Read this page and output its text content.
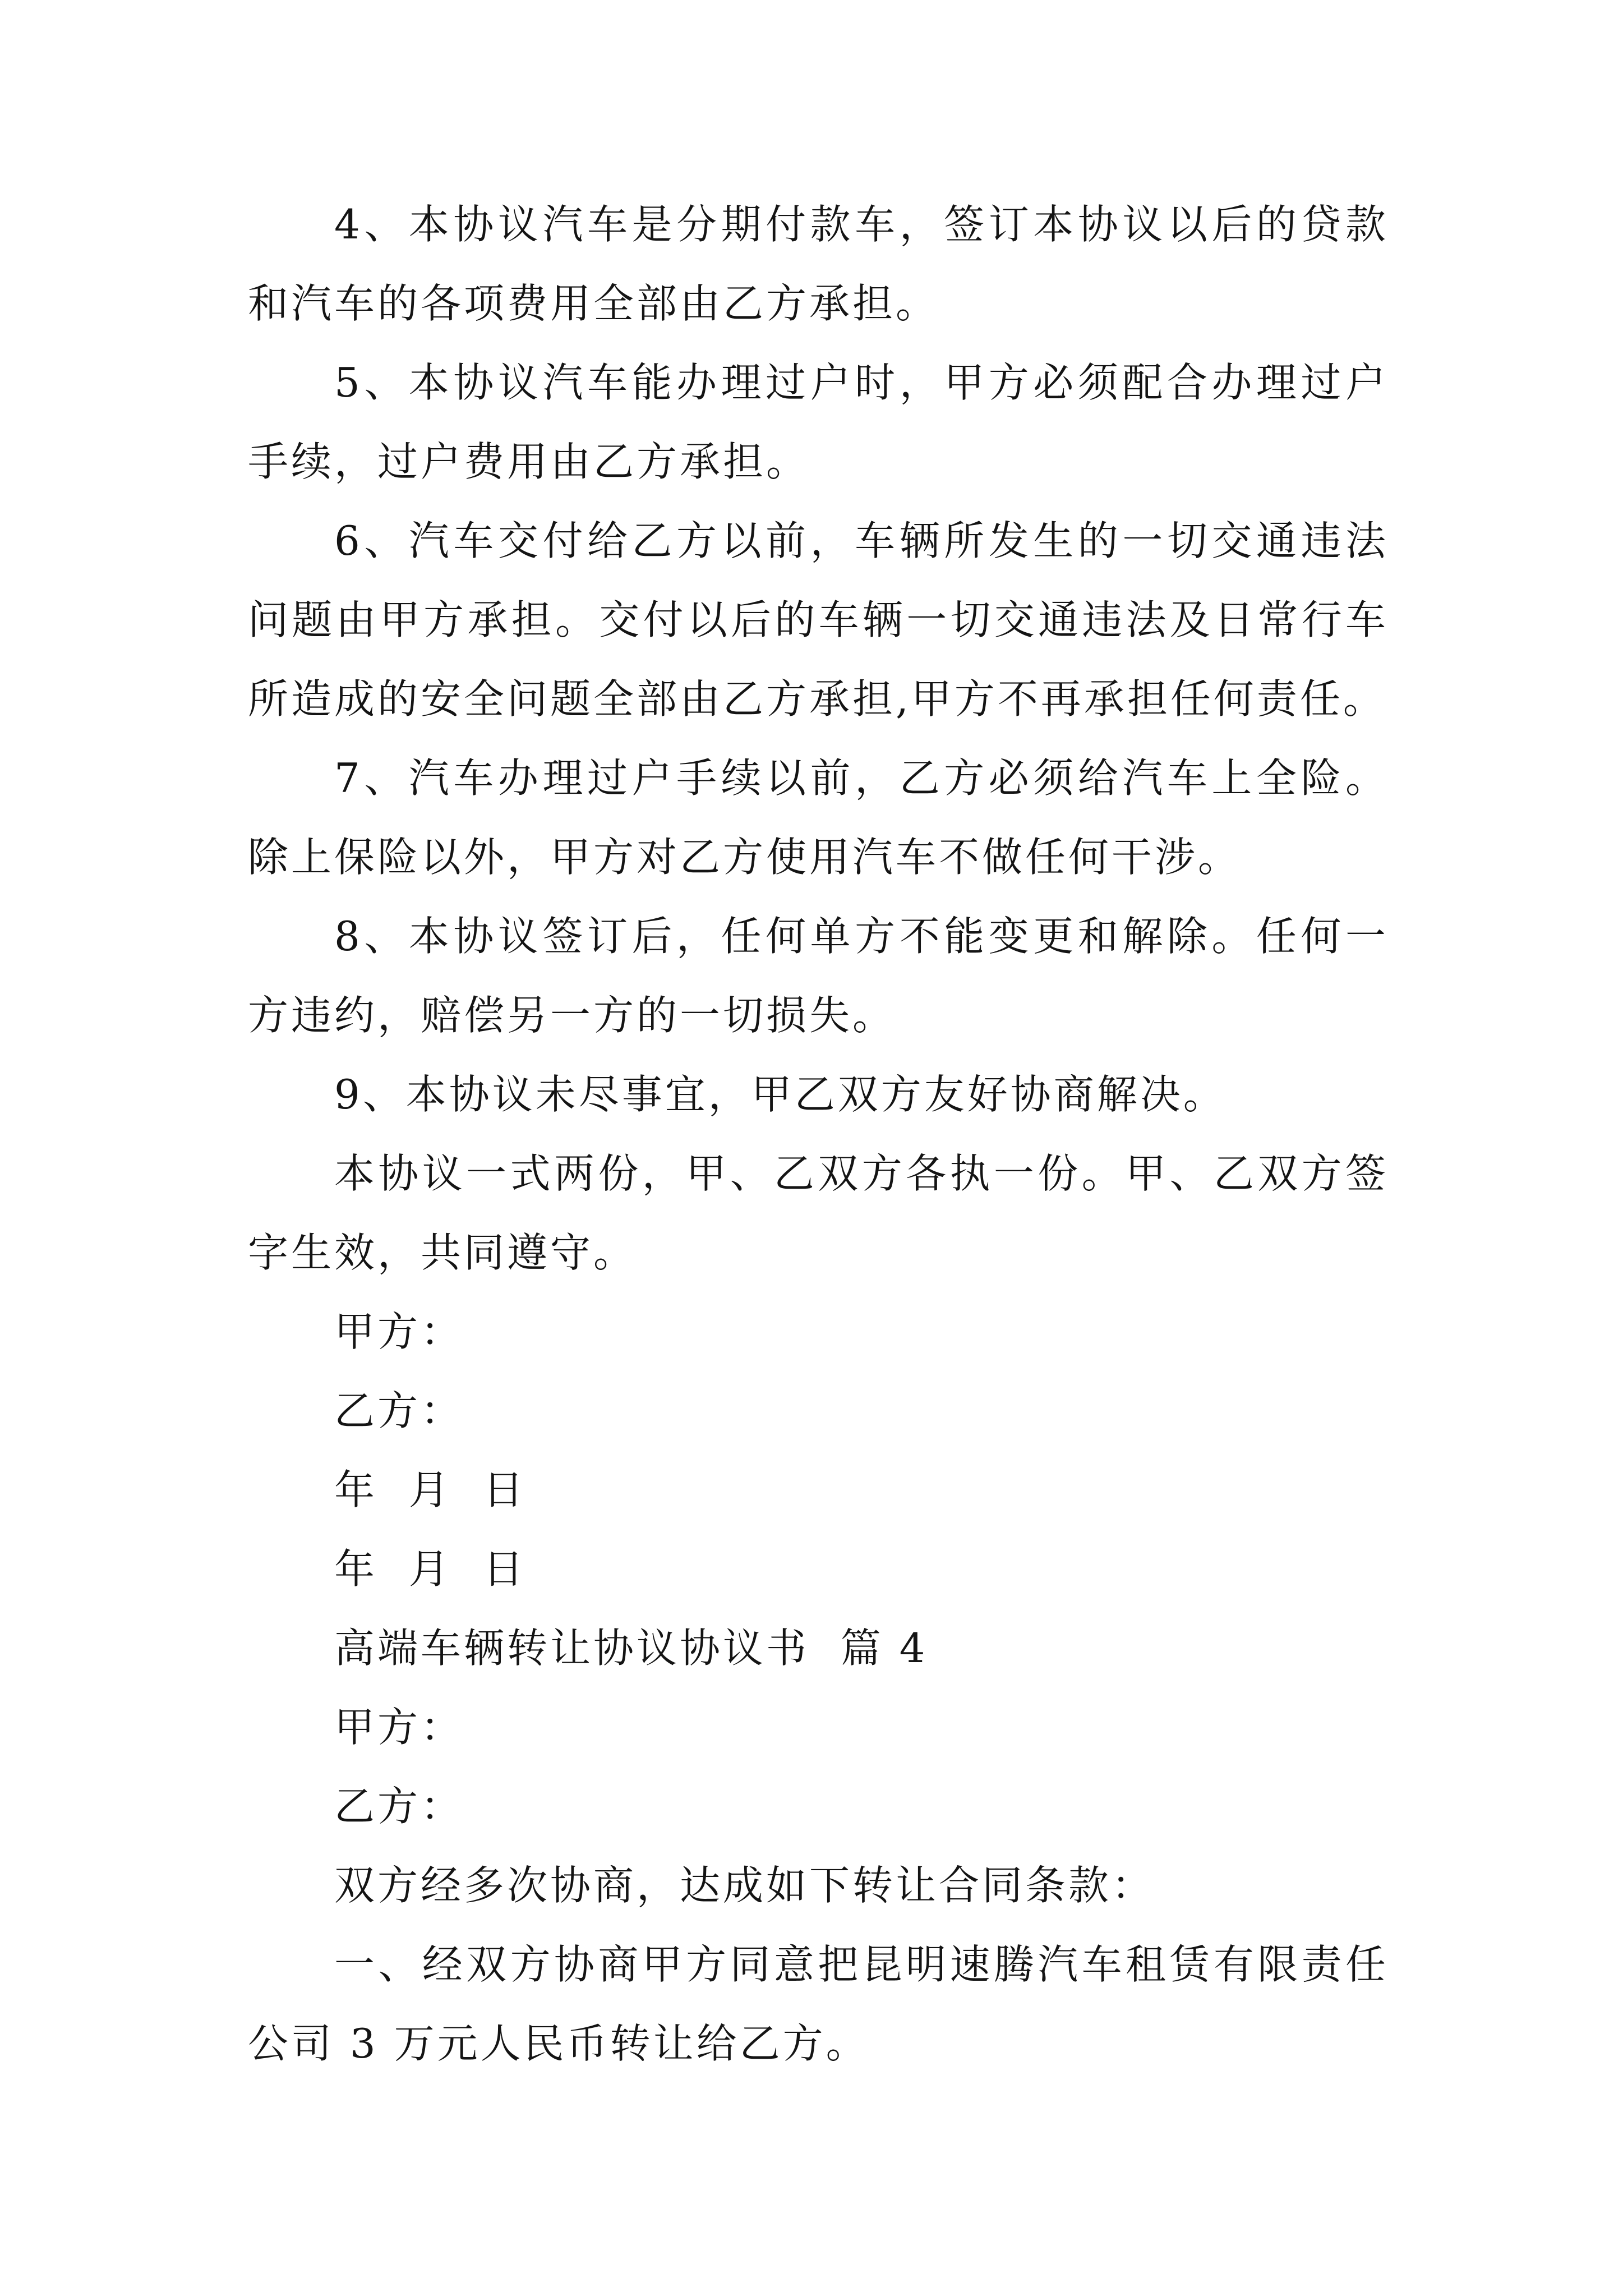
4、本协议汽车是分期付款车，签订本协议以后的贷款和汽车的各项费用全部由乙方承担。

5、本协议汽车能办理过户时，甲方必须配合办理过户手续，过户费用由乙方承担。

6、汽车交付给乙方以前，车辆所发生的一切交通违法问题由甲方承担。交付以后的车辆一切交通违法及日常行车所造成的安全问题全部由乙方承担,甲方不再承担任何责任。

7、汽车办理过户手续以前，乙方必须给汽车上全险。除上保险以外，甲方对乙方使用汽车不做任何干涉。

8、本协议签订后，任何单方不能变更和解除。任何一方违约，赔偿另一方的一切损失。

9、本协议未尽事宜，甲乙双方友好协商解决。

本协议一式两份，甲、乙双方各执一份。甲、乙双方签字生效，共同遵守。

甲方：

乙方：

年  月  日

年  月  日

高端车辆转让协议协议书  篇 4

甲方：

乙方：

双方经多次协商，达成如下转让合同条款：

一、经双方协商甲方同意把昆明速腾汽车租赁有限责任公司 3 万元人民币转让给乙方。
